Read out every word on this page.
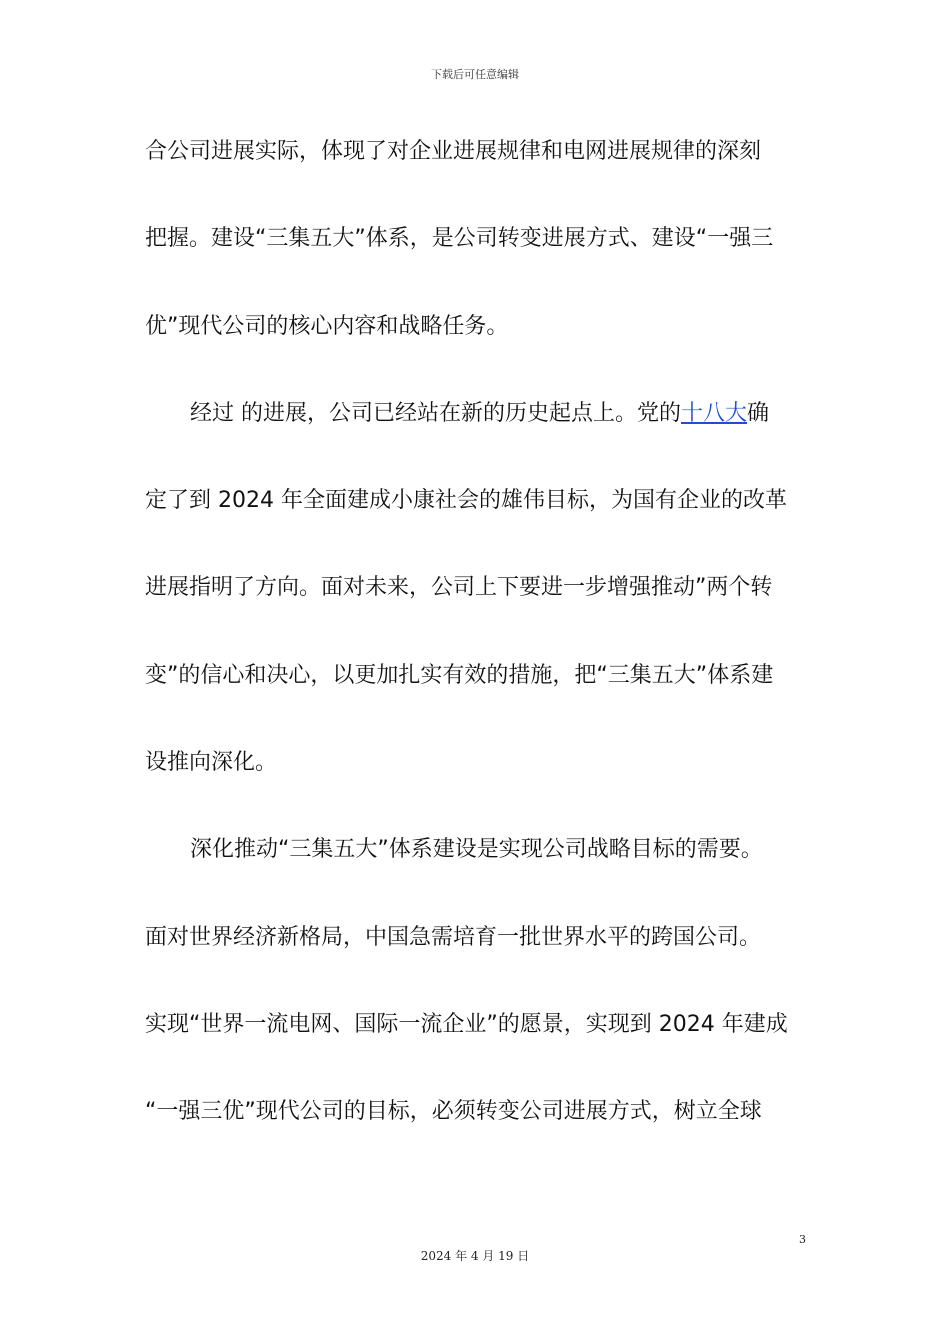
下载后可任意编辑
合公司进展实际，体现了对企业进展规律和电网进展规律的深刻
把握。建设“三集五大”体系，是公司转变进展方式、建设“一强三
优”现代公司的核心内容和战略任务。
经过 的进展，公司已经站在新的历史起点上。党的十八大确
定了到 2024 年全面建成小康社会的雄伟目标，为国有企业的改革
进展指明了方向。面对未来，公司上下要进一步增强推动”两个转
变”的信心和决心，以更加扎实有效的措施，把“三集五大”体系建
设推向深化。
深化推动“三集五大”体系建设是实现公司战略目标的需要。
面对世界经济新格局，中国急需培育一批世界水平的跨国公司。
实现“世界一流电网、国际一流企业”的愿景，实现到 2024 年建成
“一强三优”现代公司的目标，必须转变公司进展方式，树立全球
3
2024 年 4 月 19 日
